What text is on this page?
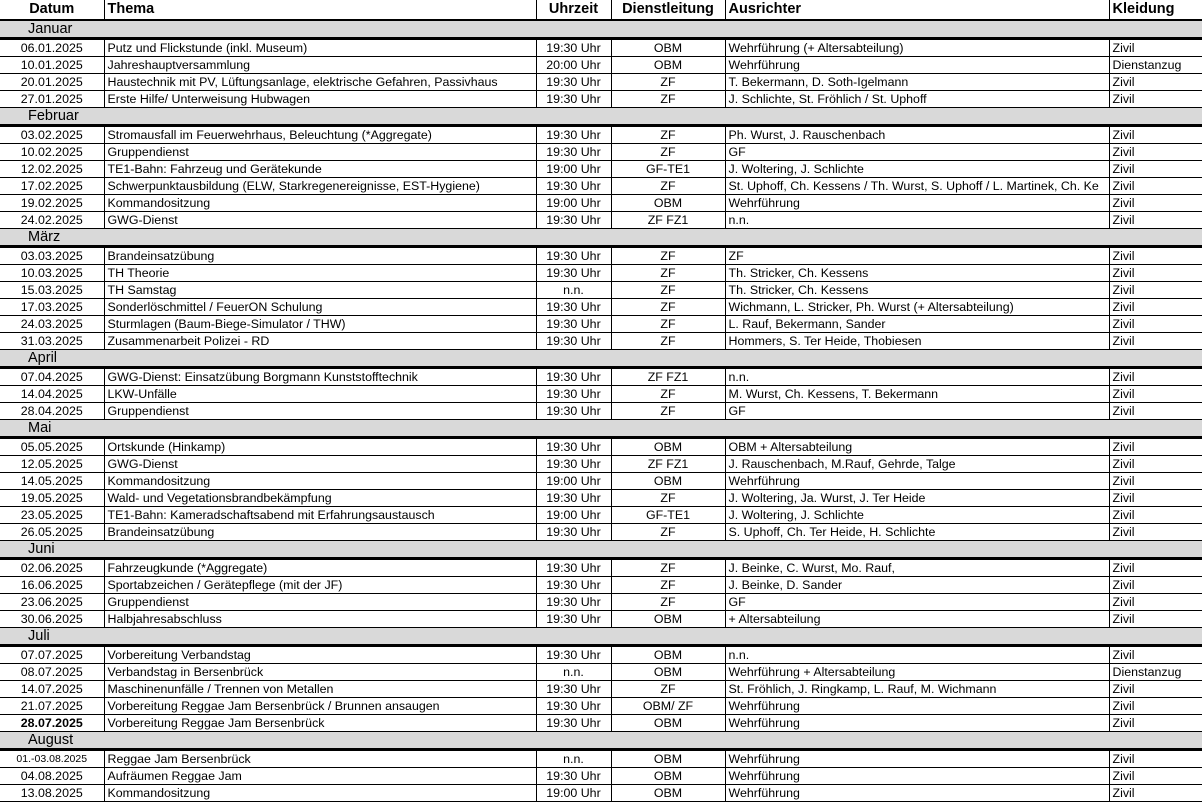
Datum	Thema	Uhrzeit	Dienstleitung	Ausrichter	Kleidung
Januar					
06.01.2025	Putz und Flickstunde (inkl. Museum)	19:30 Uhr	OBM	Wehrführung (+ Altersabteilung)	Zivil
10.01.2025	Jahreshauptversammlung	20:00 Uhr	OBM	Wehrführung	Dienstanzug
20.01.2025	Haustechnik mit PV, Lüftungsanlage, elektrische Gefahren, Passivhaus	19:30 Uhr	ZF	T. Bekermann, D. Soth-Igelmann	Zivil
27.01.2025	Erste Hilfe/ Unterweisung Hubwagen	19:30 Uhr	ZF	J. Schlichte, St. Fröhlich / St. Uphoff	Zivil
Februar					
03.02.2025	Stromausfall im Feuerwehrhaus, Beleuchtung (*Aggregate)	19:30 Uhr	ZF	Ph. Wurst, J. Rauschenbach	Zivil
10.02.2025	Gruppendienst	19:30 Uhr	ZF	GF	Zivil
12.02.2025	TE1-Bahn: Fahrzeug und Gerätekunde	19:00 Uhr	GF-TE1	J. Woltering, J. Schlichte	Zivil
17.02.2025	Schwerpunktausbildung (ELW, Starkregenereignisse, EST-Hygiene)	19:30 Uhr	ZF	St. Uphoff, Ch. Kessens / Th. Wurst, S. Uphoff / L. Martinek, Ch. Ke	Zivil
19.02.2025	Kommandositzung	19:00 Uhr	OBM	Wehrführung	Zivil
24.02.2025	GWG-Dienst	19:30 Uhr	ZF FZ1	n.n.	Zivil
März					
03.03.2025	Brandeinsatzübung	19:30 Uhr	ZF	ZF	Zivil
10.03.2025	TH Theorie	19:30 Uhr	ZF	Th. Stricker, Ch. Kessens	Zivil
15.03.2025	TH Samstag	n.n.	ZF	Th. Stricker, Ch. Kessens	Zivil
17.03.2025	Sonderlöschmittel / FeuerON Schulung	19:30 Uhr	ZF	Wichmann, L. Stricker, Ph. Wurst (+ Altersabteilung)	Zivil
24.03.2025	Sturmlagen (Baum-Biege-Simulator / THW)	19:30 Uhr	ZF	L. Rauf, Bekermann, Sander	Zivil
31.03.2025	Zusammenarbeit Polizei - RD	19:30 Uhr	ZF	Hommers, S. Ter Heide, Thobiesen	Zivil
April					
07.04.2025	GWG-Dienst: Einsatzübung Borgmann Kunststofftechnik	19:30 Uhr	ZF FZ1	n.n.	Zivil
14.04.2025	LKW-Unfälle	19:30 Uhr	ZF	M. Wurst, Ch. Kessens, T. Bekermann	Zivil
28.04.2025	Gruppendienst	19:30 Uhr	ZF	GF	Zivil
Mai					
05.05.2025	Ortskunde (Hinkamp)	19:30 Uhr	OBM	OBM + Altersabteilung	Zivil
12.05.2025	GWG-Dienst	19:30 Uhr	ZF FZ1	J. Rauschenbach, M.Rauf, Gehrde, Talge	Zivil
14.05.2025	Kommandositzung	19:00 Uhr	OBM	Wehrführung	Zivil
19.05.2025	Wald- und Vegetationsbrandbekämpfung	19:30 Uhr	ZF	J. Woltering, Ja. Wurst, J. Ter Heide	Zivil
23.05.2025	TE1-Bahn: Kameradschaftsabend mit Erfahrungsaustausch	19:00 Uhr	GF-TE1	J. Woltering, J. Schlichte	Zivil
26.05.2025	Brandeinsatzübung	19:30 Uhr	ZF	S. Uphoff, Ch. Ter Heide, H. Schlichte	Zivil
Juni					
02.06.2025	Fahrzeugkunde (*Aggregate)	19:30 Uhr	ZF	J. Beinke, C. Wurst, Mo. Rauf,	Zivil
16.06.2025	Sportabzeichen / Gerätepflege (mit der JF)	19:30 Uhr	ZF	J. Beinke, D. Sander	Zivil
23.06.2025	Gruppendienst	19:30 Uhr	ZF	GF	Zivil
30.06.2025	Halbjahresabschluss	19:30 Uhr	OBM	+ Altersabteilung	Zivil
Juli					
07.07.2025	Vorbereitung Verbandstag	19:30 Uhr	OBM	n.n.	Zivil
08.07.2025	Verbandstag in Bersenbrück	n.n.	OBM	Wehrführung + Altersabteilung	Dienstanzug
14.07.2025	Maschinenunfälle / Trennen von Metallen	19:30 Uhr	ZF	St. Fröhlich, J. Ringkamp, L. Rauf, M. Wichmann	Zivil
21.07.2025	Vorbereitung Reggae Jam Bersenbrück / Brunnen ansaugen	19:30 Uhr	OBM/ ZF	Wehrführung	Zivil
28.07.2025	Vorbereitung Reggae Jam Bersenbrück	19:30 Uhr	OBM	Wehrführung	Zivil
August					
01.-03.08.2025	Reggae Jam Bersenbrück	n.n.	OBM	Wehrführung	Zivil
04.08.2025	Aufräumen Reggae Jam	19:30 Uhr	OBM	Wehrführung	Zivil
13.08.2025	Kommandositzung	19:00 Uhr	OBM	Wehrführung	Zivil
